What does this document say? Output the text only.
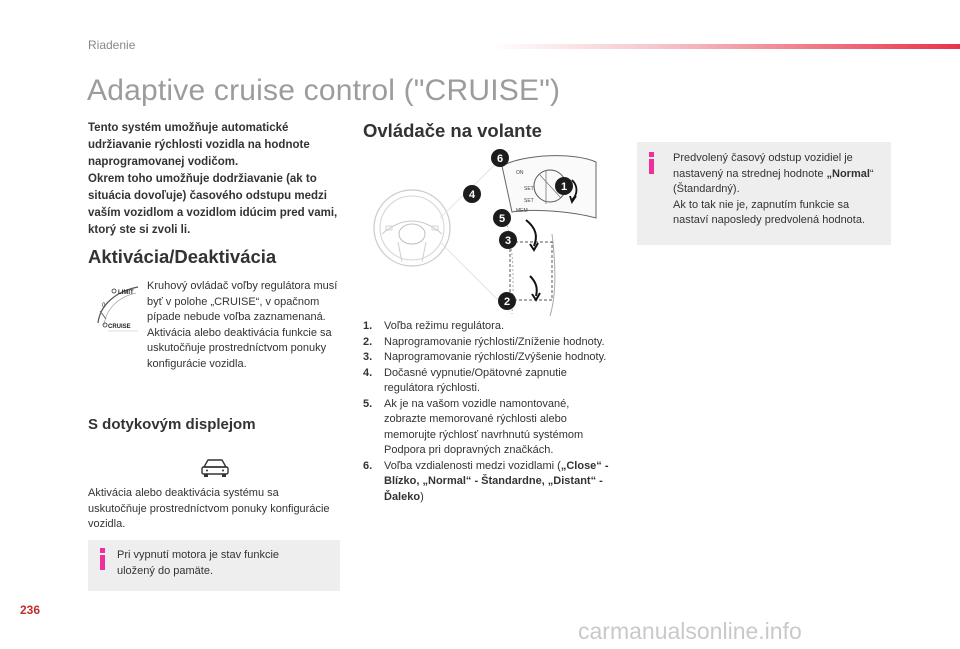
Riadenie
Adaptive cruise control ("CRUISE")
Tento systém umožňuje automatické udržiavanie rýchlosti vozidla na hodnote naprogramovanej vodičom.
Okrem toho umožňuje dodržiavanie (ak to situácia dovoľuje) časového odstupu medzi vaším vozidlom a vozidlom idúcim pred vami, ktorý ste si zvoli li.
Aktivácia/Deaktivácia
LIMIT
0
CRUISE
Kruhový ovládač voľby regulátora musí byť v polohe „CRUISE“, v opačnom pípade nebude voľba zaznamenaná.
Aktivácia alebo deaktivácia funkcie sa uskutočňuje prostredníctvom ponuky konfigurácie vozidla.
S dotykovým displejom
Aktivácia alebo deaktivácia systému sa uskutočňuje prostredníctvom ponuky konfigurácie vozidla.
Pri vypnutí motora je stav funkcie uložený do pamäte.
Ovládače na volante
ON
SET
SET
MEM
6
4
1
5
3
2
1. Voľba režimu regulátora.
2. Naprogramovanie rýchlosti/Zníženie hodnoty.
3. Naprogramovanie rýchlosti/Zvýšenie hodnoty.
4. Dočasné vypnutie/Opätovné zapnutie regulátora rýchlosti.
5. Ak je na vašom vozidle namontované, zobrazte memorované rýchlosti alebo memorujte rýchlosť navrhnutú systémom Podpora pri dopravných značkách.
6. Voľba vzdialenosti medzi vozidlami („Close“ - Blízko, „Normal“ - Štandardne, „Distant“ - Ďaleko)
Predvolený časový odstup vozidiel je nastavený na strednej hodnote „Normal“ (Štandardný).
Ak to tak nie je, zapnutím funkcie sa nastaví naposledy predvolená hodnota.
236
carmanualsonline.info
